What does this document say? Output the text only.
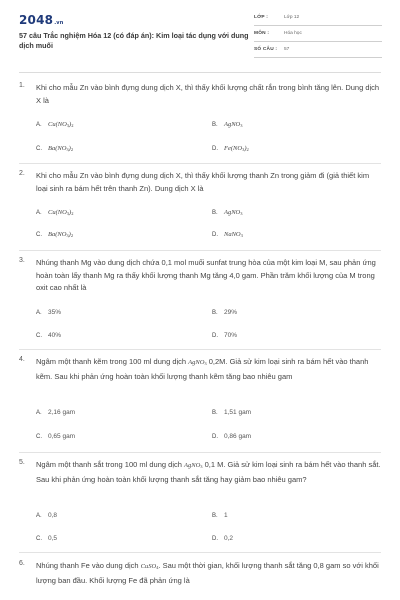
2048.vn
57 câu Trắc nghiệm Hóa 12 (có đáp án): Kim loại tác dụng với dung dịch muối
LỚP :	Lớp 12
MÔN :	Hóa học
SỐ CÂU : 57
1. Khi cho mẫu Zn vào bình đựng dung dịch X, thì thấy khối lượng chất rắn trong bình tăng lên. Dung dịch X là
A. $Cu(NO_3)_2$	B. AgNO$_3$
C. $Ba(NO_3)_2$	D. $Fe(NO_3)_2$
2. Khi cho mẫu Zn vào bình đựng dung dịch X, thì thấy khối lượng thanh Zn trong giảm đi (giả thiết kim loại sinh ra bám hết trên thanh Zn). Dung dịch X là
A. $Cu(NO_3)_2$	B. AgNO$_3$
C. $Ba(NO_3)_2$	D. NaNO$_3$
3. Nhúng thanh Mg vào dung dịch chứa 0,1 mol muối sunfat trung hòa của một kim loại M, sau phản ứng hoàn toàn lấy thanh Mg ra thấy khối lượng thanh Mg tăng 4,0 gam. Phần trăm khối lượng của M trong oxit cao nhất là
A. 35%	B. 29%
C. 40%	D. 70%
4. Ngâm một thanh kẽm trong 100 ml dung dịch AgNO$_3$ 0,2M. Giả sử kim loại sinh ra bám hết vào thanh kẽm. Sau khi phản ứng hoàn toàn khối lượng thanh kẽm tăng bao nhiêu gam
A. 2,16 gam	B. 1,51 gam
C. 0,65 gam	D. 0,86 gam
5. Ngâm một thanh sắt trong 100 ml dung dịch AgNO$_3$ 0,1 M. Giả sử kim loại sinh ra bám hết vào thanh sắt. Sau khi phản ứng hoàn toàn khối lượng thanh sắt tăng hay giảm bao nhiêu gam?
A. 0,8	B. 1
C. 0,5	D. 0,2
6. Nhúng thanh Fe vào dung dịch CuSO$_4$. Sau một thời gian, khối lượng thanh sắt tăng 0,8 gam so với khối lượng ban đầu. Khối lượng Fe đã phản ứng là
